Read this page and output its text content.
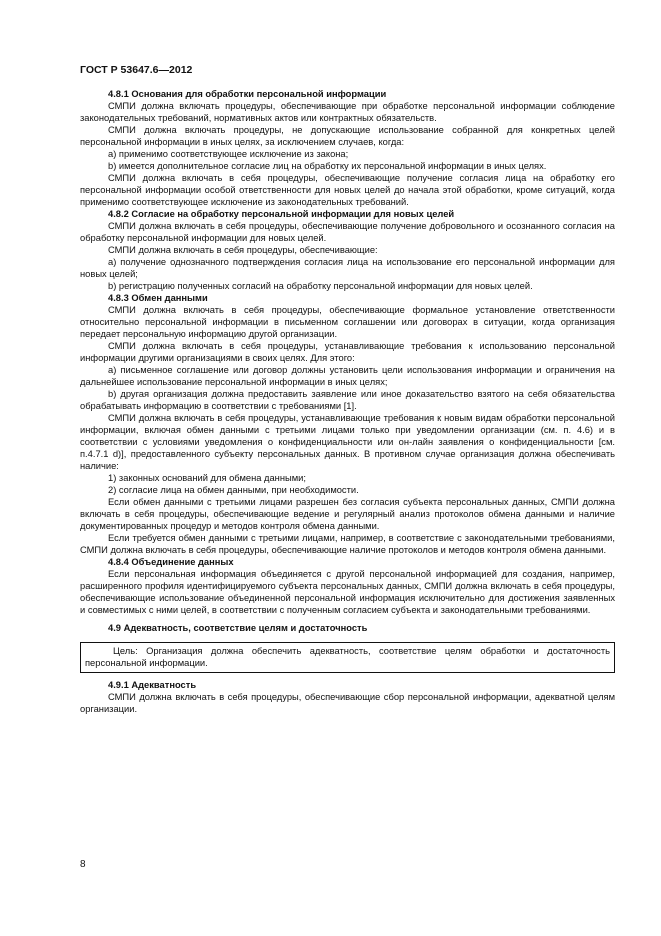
ГОСТ Р 53647.6—2012

4.8.1 Основания для обработки персональной информации

СМПИ должна включать процедуры, обеспечивающие при обработке персональной информации соблюдение законодательных требований, нормативных актов или контрактных обязательств.

СМПИ должна включать процедуры, не допускающие использование собранной для конкретных целей персональной информации в иных целях, за исключением случаев, когда:

a) применимо соответствующее исключение из закона;

b) имеется дополнительное согласие лиц на обработку их персональной информации в иных целях.

СМПИ должна включать в себя процедуры, обеспечивающие получение согласия лица на обработку его персональной информации особой ответственности для новых целей до начала этой обработки, кроме ситуаций, когда применимо соответствующее исключение из законодательных требований.

4.8.2 Согласие на обработку персональной информации для новых целей

СМПИ должна включать в себя процедуры, обеспечивающие получение добровольного и осознанного согласия на обработку персональной информации для новых целей.

СМПИ должна включать в себя процедуры, обеспечивающие:

a) получение однозначного подтверждения согласия лица на использование его персональной информации для новых целей;

b) регистрацию полученных согласий на обработку персональной информации для новых целей.

4.8.3 Обмен данными

СМПИ должна включать в себя процедуры, обеспечивающие формальное установление ответственности относительно персональной информации в письменном соглашении или договорах в ситуации, когда организация передает персональную информацию другой организации.

СМПИ должна включать в себя процедуры, устанавливающие требования к использованию персональной информации другими организациями в своих целях. Для этого:

a) письменное соглашение или договор должны установить цели использования информации и ограничения на дальнейшее использование персональной информации в иных целях;

b) другая организация должна предоставить заявление или иное доказательство взятого на себя обязательства обрабатывать информацию в соответствии с требованиями [1].

СМПИ должна включать в себя процедуры, устанавливающие требования к новым видам обработки персональной информации, включая обмен данными с третьими лицами только при уведомлении организации (см. п. 4.6) и в соответствии с условиями уведомления о конфиденциальности или он-лайн заявления о конфиденциальности [см. п.4.7.1 d)], предоставленного субъекту персональных данных. В противном случае организация должна обеспечивать наличие:

1) законных оснований для обмена данными;

2) согласие лица на обмен данными, при необходимости.

Если обмен данными с третьими лицами разрешен без согласия субъекта персональных данных, СМПИ должна включать в себя процедуры, обеспечивающие ведение и регулярный анализ протоколов обмена данными и наличие документированных процедур и методов контроля обмена данными.

Если требуется обмен данными с третьими лицами, например, в соответствие с законодательными требованиями, СМПИ должна включать в себя процедуры, обеспечивающие наличие протоколов и методов контроля обмена данными.

4.8.4 Объединение данных

Если персональная информация объединяется с другой персональной информацией для создания, например, расширенного профиля идентифицируемого субъекта персональных данных, СМПИ должна включать в себя процедуры, обеспечивающие использование объединенной персональной информация исключительно для достижения заявленных и совместимых с ними целей, в соответствии с полученным согласием субъекта и законодательными требованиями.

4.9 Адекватность, соответствие целям и достаточность

Цель: Организация должна обеспечить адекватность, соответствие целям обработки и достаточность персональной информации.

4.9.1 Адекватность

СМПИ должна включать в себя процедуры, обеспечивающие сбор персональной информации, адекватной целям организации.

8
